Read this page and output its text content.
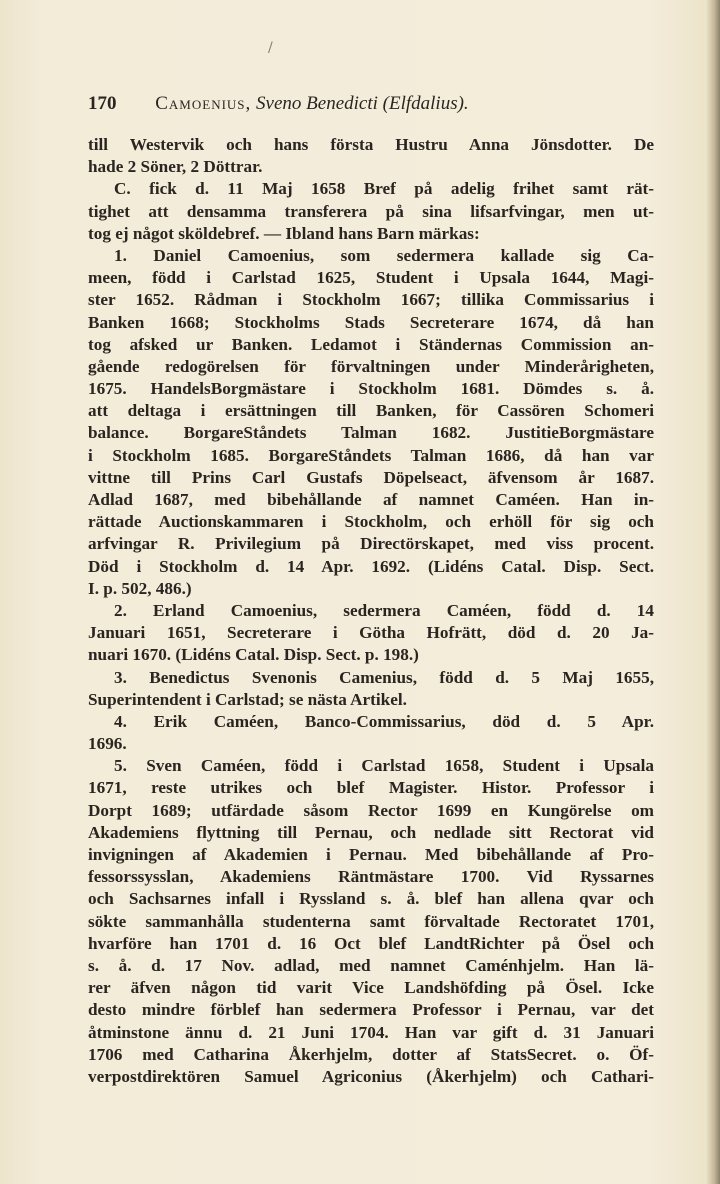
/
170 Camoenius, Sveno Benedicti (Elfdalius).
till Westervik och hans första Hustru Anna Jönsdotter. De
hade 2 Söner, 2 Döttrar.
C. fick d. 11 Maj 1658 Bref på adelig frihet samt rät-
tighet att densamma transferera på sina lifsarfvingar, men ut-
tog ej något sköldebref. — Ibland hans Barn märkas:
1. Daniel Camoenius, som sedermera kallade sig Ca-
meen, född i Carlstad 1625, Student i Upsala 1644, Magi-
ster 1652. Rådman i Stockholm 1667; tillika Commissarius i
Banken 1668; Stockholms Stads Secreterare 1674, då han
tog afsked ur Banken. Ledamot i Ständernas Commission an-
gående redogörelsen för förvaltningen under Minderårigheten,
1675. HandelsBorgmästare i Stockholm 1681. Dömdes s. å.
att deltaga i ersättningen till Banken, för Cassören Schomeri
balance. BorgareStåndets Talman 1682. JustitieBorgmästare
i Stockholm 1685. BorgareStåndets Talman 1686, då han var
vittne till Prins Carl Gustafs Döpelseact, äfvensom år 1687.
Adlad 1687, med bibehållande af namnet Caméen. Han in-
rättade Auctionskammaren i Stockholm, och erhöll för sig och
arfvingar R. Privilegium på Directörskapet, med viss procent.
Död i Stockholm d. 14 Apr. 1692. (Lidéns Catal. Disp. Sect.
I. p. 502, 486.)
2. Erland Camoenius, sedermera Caméen, född d. 14
Januari 1651, Secreterare i Götha Hofrätt, död d. 20 Ja-
nuari 1670. (Lidéns Catal. Disp. Sect. p. 198.)
3. Benedictus Svenonis Camenius, född d. 5 Maj 1655,
Superintendent i Carlstad; se nästa Artikel.
4. Erik Caméen, Banco-Commissarius, död d. 5 Apr.
1696.
5. Sven Caméen, född i Carlstad 1658, Student i Upsala
1671, reste utrikes och blef Magister. Histor. Professor i
Dorpt 1689; utfärdade såsom Rector 1699 en Kungörelse om
Akademiens flyttning till Pernau, och nedlade sitt Rectorat vid
invigningen af Akademien i Pernau. Med bibehållande af Pro-
fessorssysslan, Akademiens Räntmästare 1700. Vid Ryssarnes
och Sachsarnes infall i Ryssland s. å. blef han allena qvar och
sökte sammanhålla studenterna samt förvaltade Rectoratet 1701,
hvarföre han 1701 d. 16 Oct blef LandtRichter på Ösel och
s. å. d. 17 Nov. adlad, med namnet Caménhjelm. Han lä-
rer äfven någon tid varit Vice Landshöfding på Ösel. Icke
desto mindre förblef han sedermera Professor i Pernau, var det
åtminstone ännu d. 21 Juni 1704. Han var gift d. 31 Januari
1706 med Catharina Åkerhjelm, dotter af StatsSecret. o. Öf-
verpostdirektören Samuel Agriconius (Åkerhjelm) och Cathari-
